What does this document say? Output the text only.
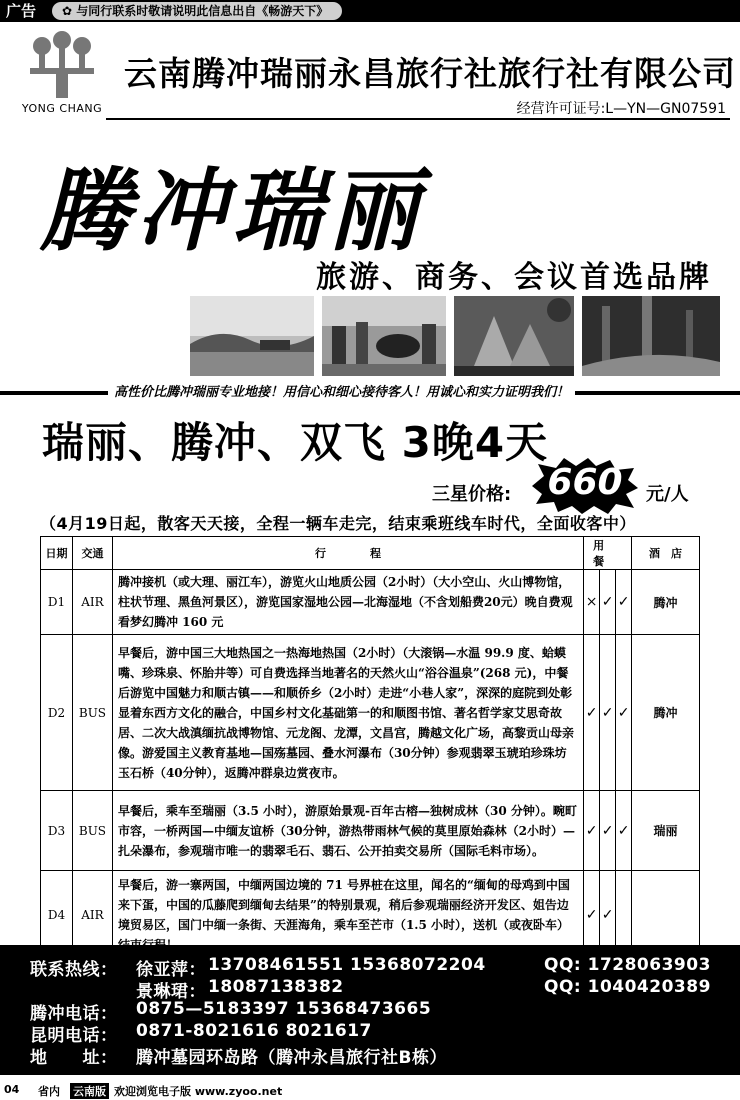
广告	✿ 与同行联系时敬请说明此信息出自《畅游天下》
YONG CHANG
云南腾冲瑞丽永昌旅行社旅行社有限公司
经营许可证号:L—YN—GN07591
腾冲瑞丽
旅游、商务、会议首选品牌
高性价比腾冲瑞丽专业地接！用信心和细心接待客人！用诚心和实力证明我们！
瑞丽、腾冲、双飞 3晚4天
三星价格:	660	元/人
（4月19日起，散客天天接，全程一辆车走完，结束乘班线车时代，全面收客中）
日期	交通	行　　　　程	用餐			酒　店
D1	AIR	腾冲接机（或大理、丽江车），游览火山地质公园（2小时）（大小空山、火山博物馆，柱状节理、黑鱼河景区），游览国家湿地公园—北海湿地（不含划船费20元）晚自费观看梦幻腾冲 160 元	×	✓	✓	腾冲
D2	BUS	早餐后，游中国三大地热国之一热海地热国（2小时）（大滚锅—水温 99.9 度、蛤蟆嘴、珍珠泉、怀胎井等）可自费选择当地著名的天然火山“浴谷温泉”(268 元)，中餐后游览中国魅力和顺古镇——和顺侨乡（2小时）走进“小巷人家”，深深的庭院到处彰显着东西方文化的融合，中国乡村文化基础第一的和顺图书馆、著名哲学家艾思奇故居、二次大战滇缅抗战博物馆、元龙阁、龙潭，文昌宫，腾越文化广场，高黎贡山母亲像。游爱国主义教育基地—国殇墓园、叠水河瀑布（30分钟）参观翡翠玉琥珀珍珠坊玉石桥（40分钟），返腾冲群泉边赏夜市。	✓	✓	✓	腾冲
D3	BUS	早餐后，乘车至瑞丽（3.5 小时），游原始景观-百年古榕—独树成林（30 分钟）。畹町市容，一桥两国—中缅友谊桥（30分钟，游热带雨林气候的莫里原始森林（2小时）—扎朵瀑布，参观瑞市唯一的翡翠毛石、翡石、公开拍卖交易所（国际毛料市场）。	✓	✓	✓	瑞丽
D4	AIR	早餐后，游一寨两国，中缅两国边境的 71 号界桩在这里，闻名的“缅甸的母鸡到中国来下蛋，中国的瓜藤爬到缅甸去结果”的特别景观，稍后参观瑞丽经济开发区、姐告边境贸易区，国门中缅一条街、天涯海角，乘车至芒市（1.5 小时），送机（或夜卧车）	✓	✓		
联系热线： 徐亚萍： 13708461551 15368072204	QQ: 1728063903
景琳珺： 18087138382	QQ: 1040420389
腾冲电话： 0875—5183397 15368473665
昆明电话： 0871-8021616 8021617
地　　址： 腾冲墓园环岛路（腾冲永昌旅行社B栋）
04 省内 云南版 欢迎浏览电子版 www.zyoo.net
